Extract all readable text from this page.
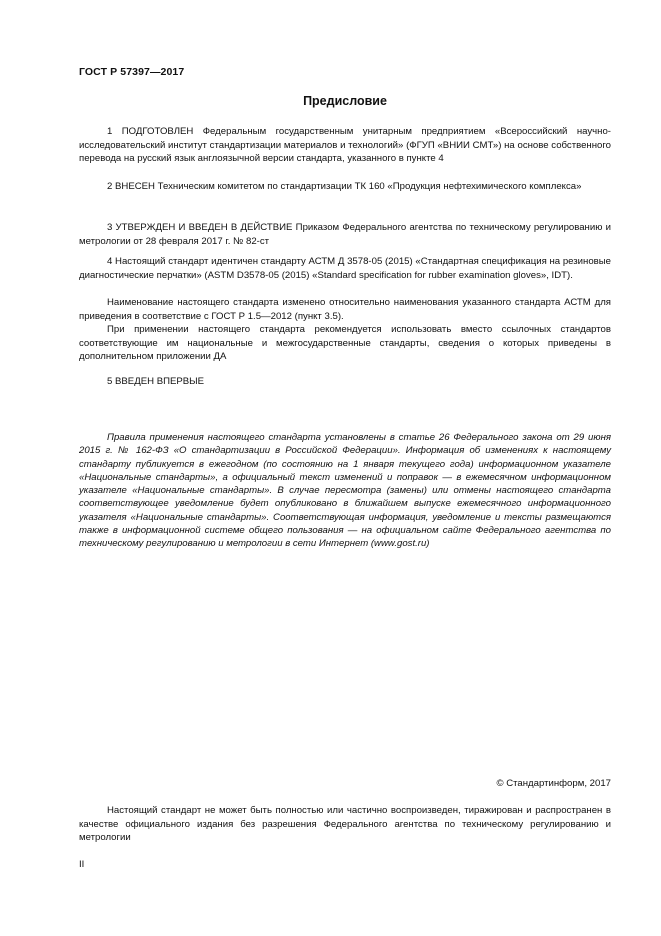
ГОСТ Р 57397—2017
Предисловие

1 ПОДГОТОВЛЕН Федеральным государственным унитарным предприятием «Всероссийский научно-исследовательский институт стандартизации материалов и технологий» (ФГУП «ВНИИ СМТ») на основе собственного перевода на русский язык англоязычной версии стандарта, указанного в пункте 4

2 ВНЕСЕН Техническим комитетом по стандартизации ТК 160 «Продукция нефтехимического комплекса»

3 УТВЕРЖДЕН И ВВЕДЕН В ДЕЙСТВИЕ Приказом Федерального агентства по техническому регулированию и метрологии от 28 февраля 2017 г. № 82-ст

4 Настоящий стандарт идентичен стандарту АСТМ Д 3578-05 (2015) «Стандартная спецификация на резиновые диагностические перчатки» (ASTM D3578-05 (2015) «Standard specification for rubber examination gloves», IDT).

Наименование настоящего стандарта изменено относительно наименования указанного стандарта АСТМ для приведения в соответствие с ГОСТ Р 1.5—2012 (пункт 3.5).

При применении настоящего стандарта рекомендуется использовать вместо ссылочных стандартов соответствующие им национальные и межгосударственные стандарты, сведения о которых приведены в дополнительном приложении ДА

5 ВВЕДЕН ВПЕРВЫЕ

Правила применения настоящего стандарта установлены в статье 26 Федерального закона от 29 июня 2015 г. № 162-ФЗ «О стандартизации в Российской Федерации». Информация об изменениях к настоящему стандарту публикуется в ежегодном (по состоянию на 1 января текущего года) информационном указателе «Национальные стандарты», а официальный текст изменений и поправок — в ежемесячном информационном указателе «Национальные стандарты». В случае пересмотра (замены) или отмены настоящего стандарта соответствующее уведомление будет опубликовано в ближайшем выпуске ежемесячного информационного указателя «Национальные стандарты». Соответствующая информация, уведомление и тексты размещаются также в информационной системе общего пользования — на официальном сайте Федерального агентства по техническому регулированию и метрологии в сети Интернет (www.gost.ru)

© Стандартинформ, 2017

Настоящий стандарт не может быть полностью или частично воспроизведен, тиражирован и распространен в качестве официального издания без разрешения Федерального агентства по техническому регулированию и метрологии

II
